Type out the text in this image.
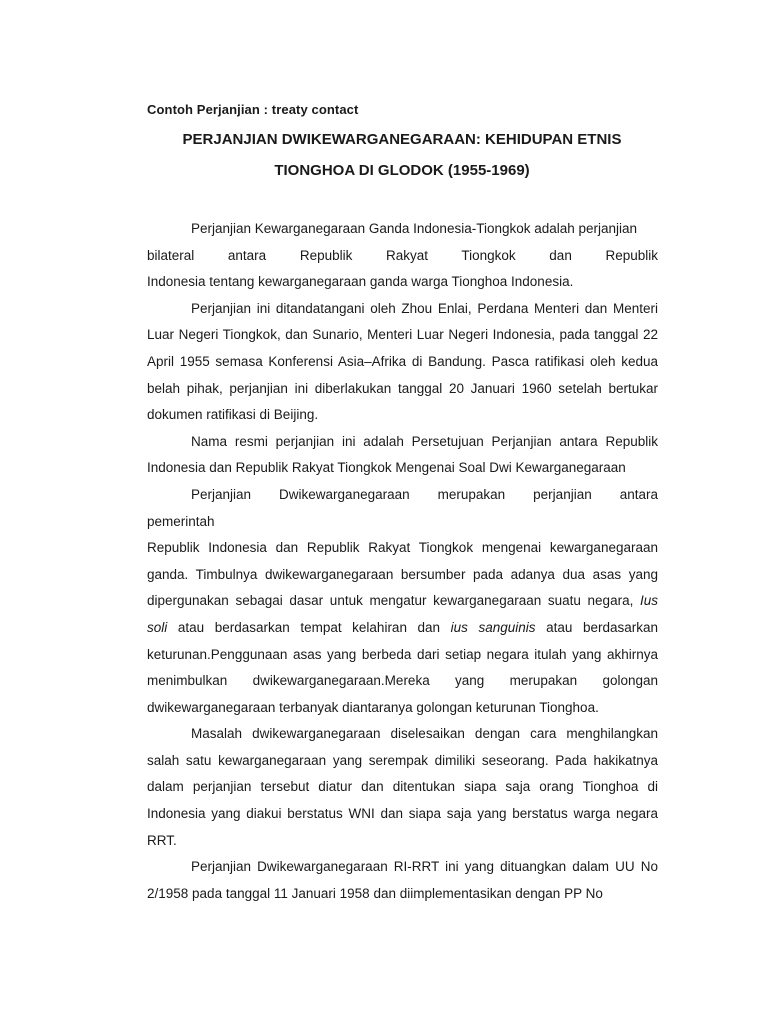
Contoh Perjanjian : treaty contact
PERJANJIAN DWIKEWARGANEGARAAN: KEHIDUPAN ETNIS
TIONGHOA DI GLODOK (1955-1969)

Perjanjian Kewarganegaraan Ganda Indonesia-Tiongkok adalah perjanjian

bilateral antara Republik Rakyat Tiongkok dan Republik

Indonesia tentang kewarganegaraan ganda warga Tionghoa Indonesia.

Perjanjian ini ditandatangani oleh Zhou Enlai, Perdana Menteri dan Menteri Luar Negeri Tiongkok, dan Sunario, Menteri Luar Negeri Indonesia, pada tanggal 22 April 1955 semasa Konferensi Asia–Afrika di Bandung. Pasca ratifikasi oleh kedua belah pihak, perjanjian ini diberlakukan tanggal 20 Januari 1960 setelah bertukar dokumen ratifikasi di Beijing.

Nama resmi perjanjian ini adalah Persetujuan Perjanjian antara Republik Indonesia dan Republik Rakyat Tiongkok Mengenai Soal Dwi Kewarganegaraan

Perjanjian Dwikewarganegaraan merupakan perjanjian antara

pemerintah

Republik Indonesia dan Republik Rakyat Tiongkok mengenai kewarganegaraan ganda. Timbulnya dwikewarganegaraan bersumber pada adanya dua asas yang dipergunakan sebagai dasar untuk mengatur kewarganegaraan suatu negara, Ius soli atau berdasarkan tempat kelahiran dan ius sanguinis atau berdasarkan keturunan.Penggunaan asas yang berbeda dari setiap negara itulah yang akhirnya menimbulkan dwikewarganegaraan.Mereka yang merupakan golongan dwikewarganegaraan terbanyak diantaranya golongan keturunan Tionghoa.

Masalah dwikewarganegaraan diselesaikan dengan cara menghilangkan salah satu kewarganegaraan yang serempak dimiliki seseorang. Pada hakikatnya dalam perjanjian tersebut diatur dan ditentukan siapa saja orang Tionghoa di Indonesia yang diakui berstatus WNI dan siapa saja yang berstatus warga negara RRT.

Perjanjian Dwikewarganegaraan RI-RRT ini yang dituangkan dalam UU No 2/1958 pada tanggal 11 Januari 1958 dan diimplementasikan dengan PP No
